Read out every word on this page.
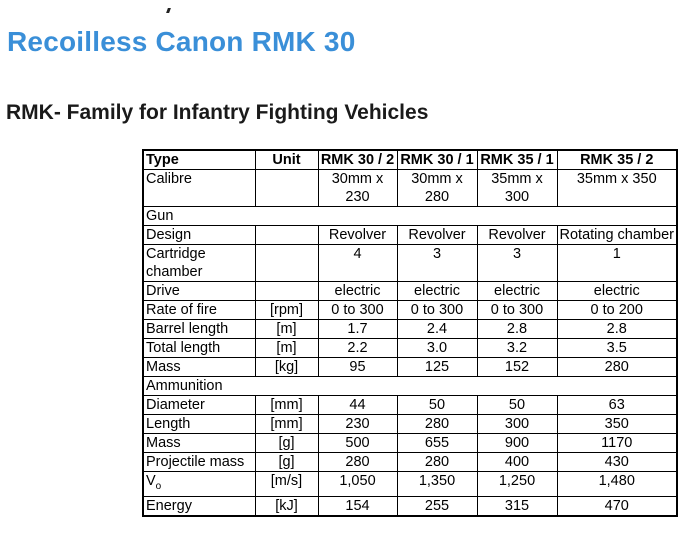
Recoilless Canon RMK 30
RMK- Family for Infantry Fighting Vehicles
Type	Unit	RMK 30 / 2	RMK 30 / 1	RMK 35 / 1	RMK 35 / 2
Calibre		30mm x 230	30mm x 280	35mm x 300	35mm x 350
Gun					
Design		Revolver	Revolver	Revolver	Rotating chamber
Cartridge chamber		4	3	3	1
Drive		electric	electric	electric	electric
Rate of fire	[rpm]	0 to 300	0 to 300	0 to 300	0 to 200
Barrel length	[m]	1.7	2.4	2.8	2.8
Total length	[m]	2.2	3.0	3.2	3.5
Mass	[kg]	95	125	152	280
Ammunition					
Diameter	[mm]	44	50	50	63
Length	[mm]	230	280	300	350
Mass	[g]	500	655	900	1170
Projectile mass	[g]	280	280	400	430
$V_o$	[m/s]	1,050	1,350	1,250	1,480
Energy	[kJ]	154	255	315	470
